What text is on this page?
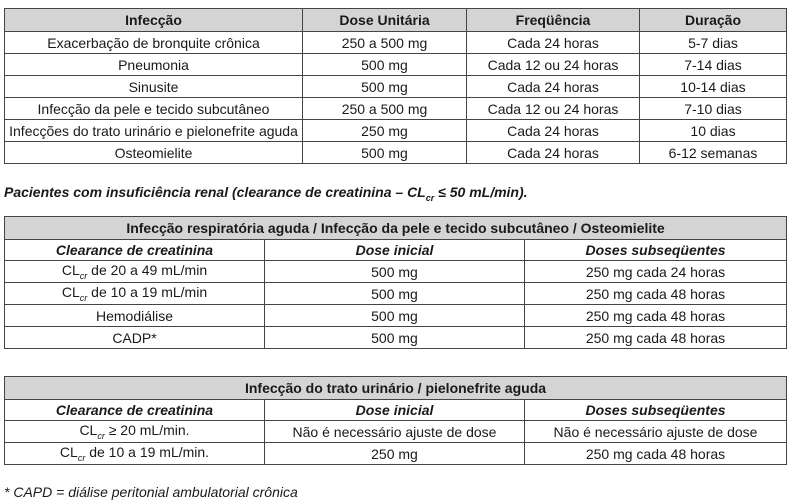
Infecção	Dose Unitária	Freqüência	Duração
Exacerbação de bronquite crônica	250 a 500 mg	Cada 24 horas	5-7 dias
Pneumonia	500 mg	Cada 12 ou 24 horas	7-14 dias
Sinusite	500 mg	Cada 24 horas	10-14 dias
Infecção da pele e tecido subcutâneo	250 a 500 mg	Cada 12 ou 24 horas	7-10 dias
Infecções do trato urinário e pielonefrite aguda	250 mg	Cada 24 horas	10 dias
Osteomielite	500 mg	Cada 24 horas	6-12 semanas
Pacientes com insuficiência renal (clearance de creatinina – $CL_{cr} \le 50$ mL/min).
Infecção respiratória aguda / Infecção da pele e tecido subcutâneo / Osteomielite		
Clearance de creatinina	Dose inicial	Doses subseqüentes
$CL_{cr}$ de 20 a 49 mL/min	500 mg	250 mg cada 24 horas
$CL_{cr}$ de 10 a 19 mL/min	500 mg	250 mg cada 48 horas
Hemodiálise	500 mg	250 mg cada 48 horas
CADP*	500 mg	250 mg cada 48 horas
Infecção do trato urinário / pielonefrite aguda		
Clearance de creatinina	Dose inicial	Doses subseqüentes
$CL_{cr} \ge 20$ mL/min.	Não é necessário ajuste de dose	Não é necessário ajuste de dose
$CL_{cr}$ de 10 a 19 mL/min.	250 mg	250 mg cada 48 horas
* CAPD = diálise peritonial ambulatorial crônica
